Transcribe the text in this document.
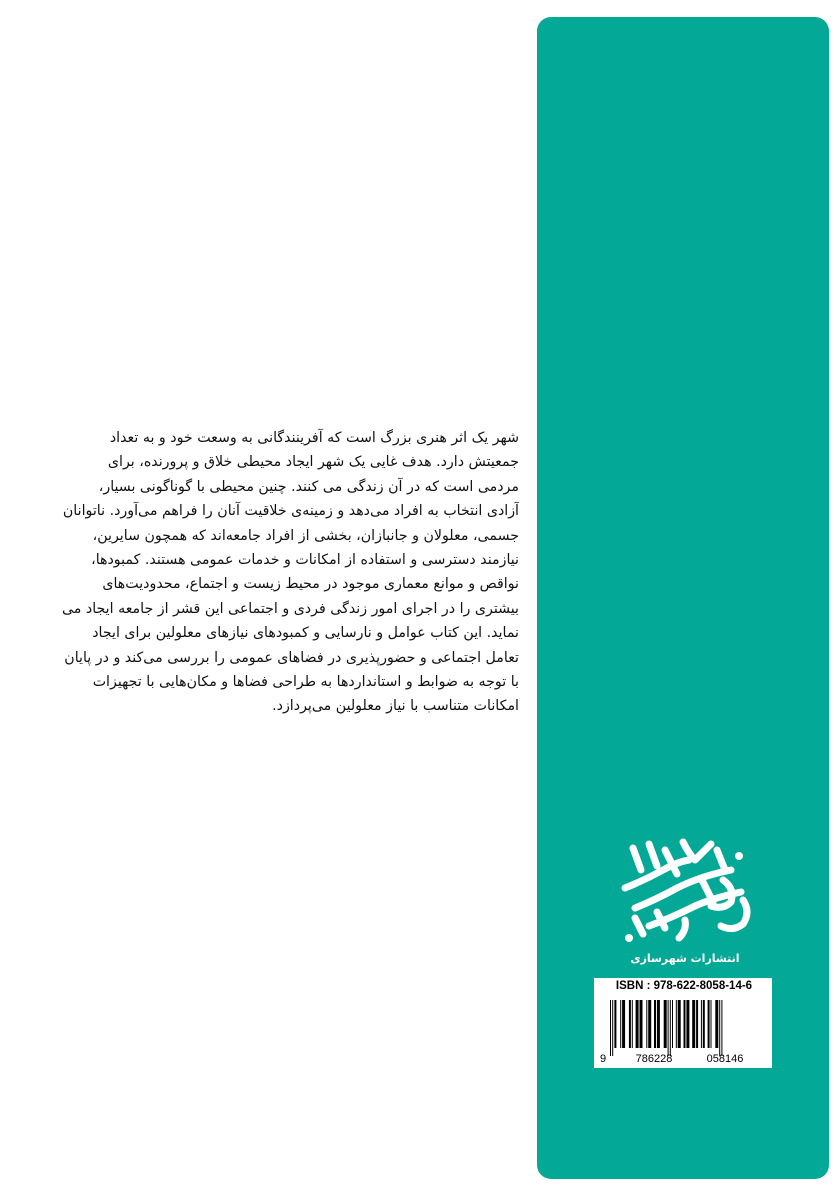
شهر یک اثر هنری بزرگ است که آفرینندگانی به وسعت خود و به تعداد
جمعیتش دارد. هدف غایی یک شهر ایجاد محیطی خلاق و پرورنده، برای
مردمی است که در آن زندگی می کنند. چنین محیطی با گوناگونی بسیار،
آزادی انتخاب به افراد می‌دهد و زمینه‌ی خلاقیت آنان را فراهم می‌آورد. ناتوانان
جسمی، معلولان و جانبازان، بخشی از افراد جامعه‌اند که همچون سایرین،
نیازمند دسترسی و استفاده از امکانات و خدمات عمومی هستند. کمبودها،
نواقص و موانع معماری موجود در محیط زیست و اجتماع، محدودیت‌های
بیشتری را در اجرای امور زندگی فردی و اجتماعی این قشر از جامعه ایجاد می
نماید. این کتاب عوامل و نارسایی و کمبودهای نیازهای معلولین برای ایجاد
تعامل اجتماعی و حضورپذیری در فضاهای عمومی را بررسی می‌کند و در پایان
با توجه به ضوابط و استانداردها به طراحی فضاها و مکان‌هایی با تجهیزات
امکانات متناسب با نیاز معلولین می‌پردازد.
انتشارات شهرسازی
ISBN : 978-622-8058-14-6
9	786228	058146
